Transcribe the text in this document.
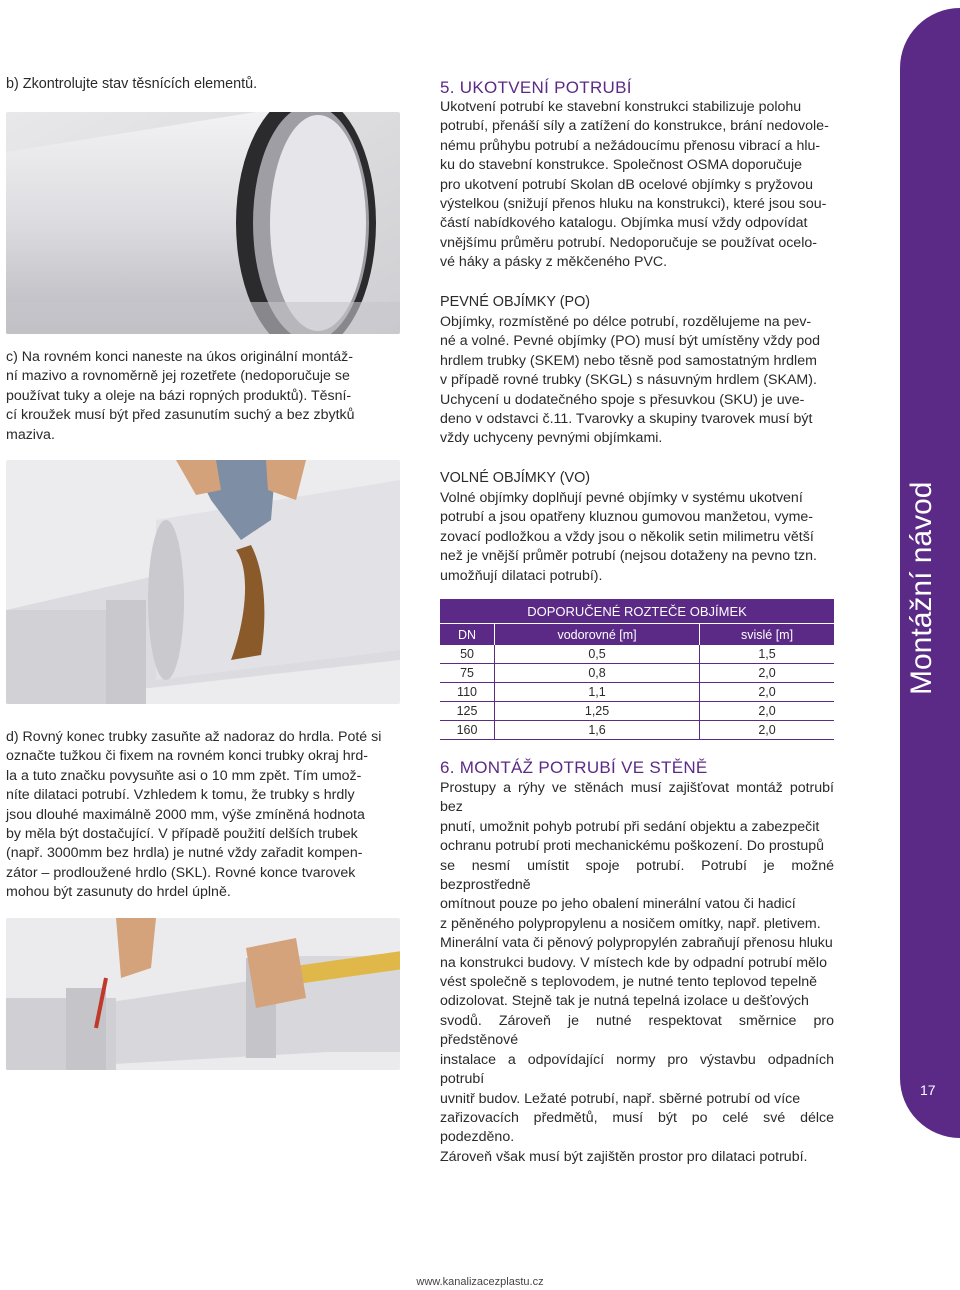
17
b) Zkontrolujte stav těsnících elementů.
c) Na rovném konci naneste na úkos originální montáž-
ní mazivo a rovnoměrně jej rozetřete (nedoporučuje se
používat tuky a oleje na bázi ropných produktů). Těsní-
cí kroužek musí být před zasunutím suchý a bez zbytků
maziva.
d) Rovný konec trubky zasuňte až nadoraz do hrdla. Poté si
označte tužkou či fixem na rovném konci trubky okraj hrd-
la a tuto značku povysuňte asi o 10 mm zpět. Tím umož-
níte dilataci potrubí. Vzhledem k tomu, že trubky s hrdly
jsou dlouhé maximálně 2000 mm, výše zmíněná hodnota
by měla být dostačující. V případě použití delších trubek
(např. 3000mm bez hrdla) je nutné vždy zařadit kompen-
zátor – prodloužené hrdlo (SKL). Rovné konce tvarovek
mohou být zasunuty do hrdel úplně.
5. UKOTVENÍ POTRUBÍ
Ukotvení potrubí ke stavební konstrukci stabilizuje polohu
potrubí, přenáší síly a zatížení do konstrukce, brání nedovole-
nému průhybu potrubí a nežádoucímu přenosu vibrací a hlu-
ku do stavební konstrukce. Společnost OSMA doporučuje
pro ukotvení potrubí Skolan dB ocelové objímky s pryžovou
výstelkou (snižují přenos hluku na konstrukci), které jsou sou-
částí nabídkového katalogu. Objímka musí vždy odpovídat
vnějšímu průměru potrubí. Nedoporučuje se používat ocelo-
vé háky a pásky z měkčeného PVC.
PEVNÉ OBJÍMKY (PO)
Objímky, rozmístěné po délce potrubí, rozdělujeme na pev-
né a volné. Pevné objímky (PO) musí být umístěny vždy pod
hrdlem trubky (SKEM) nebo těsně pod samostatným hrdlem
v případě rovné trubky (SKGL) s násuvným hrdlem (SKAM).
Uchycení u dodatečného spoje s přesuvkou (SKU) je uve-
deno v odstavci č.11. Tvarovky a skupiny tvarovek musí být
vždy uchyceny pevnými objímkami.
VOLNÉ OBJÍMKY (VO)
Volné objímky doplňují pevné objímky v systému ukotvení
potrubí a jsou opatřeny kluznou gumovou manžetou, vyme-
zovací podložkou a vždy jsou o několik setin milimetru větší
než je vnější průměr potrubí (nejsou dotaženy na pevno tzn.
umožňují dilataci potrubí).
DOPORUČENÉ ROZTEČE OBJÍMEK		
DN	vodorovné [m]	svislé [m]
50	0,5	1,5
75	0,8	2,0
110	1,1	2,0
125	1,25	2,0
160	1,6	2,0
6. MONTÁŽ POTRUBÍ VE STĚNĚ
Prostupy a rýhy ve stěnách musí zajišťovat montáž potrubí bez
pnutí, umožnit pohyb potrubí při sedání objektu a zabezpečit
ochranu potrubí proti mechanickému poškození. Do prostupů
se nesmí umístit spoje potrubí. Potrubí je možné bezprostředně
omítnout pouze po jeho obalení minerální vatou či hadicí
z pěněného polypropylenu a nosičem omítky, např. pletivem.
Minerální vata či pěnový polypropylén zabraňují přenosu hluku
na konstrukci budovy. V místech kde by odpadní potrubí mělo
vést společně s teplovodem, je nutné tento teplovod tepelně
odizolovat. Stejně tak je nutná tepelná izolace u dešťových
svodů. Zároveň je nutné respektovat směrnice pro předstěnové
instalace a odpovídající normy pro výstavbu odpadních potrubí
uvnitř budov. Ležaté potrubí, např. sběrné potrubí od více
zařizovacích předmětů, musí být po celé své délce podezděno.
Zároveň však musí být zajištěn prostor pro dilataci potrubí.
www.kanalizacezplastu.cz
